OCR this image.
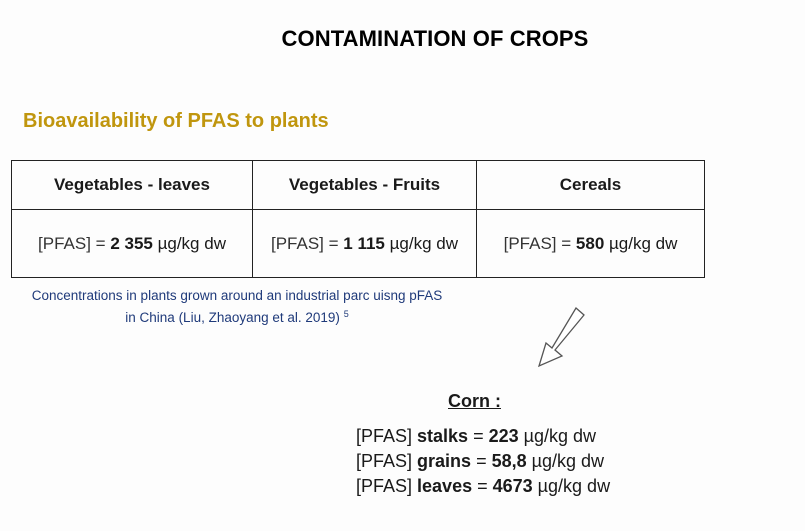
CONTAMINATION OF CROPS
Bioavailability of PFAS to plants
Vegetables - leaves	Vegetables - Fruits	Cereals
[PFAS] = 2 355 µg/kg dw	[PFAS] = 1 115 µg/kg dw	[PFAS] = 580 µg/kg dw
Concentrations in plants grown around an industrial parc uisng pFAS
in China (Liu, Zhaoyang et al. 2019) $^5$
Corn :
[PFAS] stalks = 223 µg/kg dw
[PFAS] grains = 58,8 µg/kg dw
[PFAS] leaves = 4673 µg/kg dw
